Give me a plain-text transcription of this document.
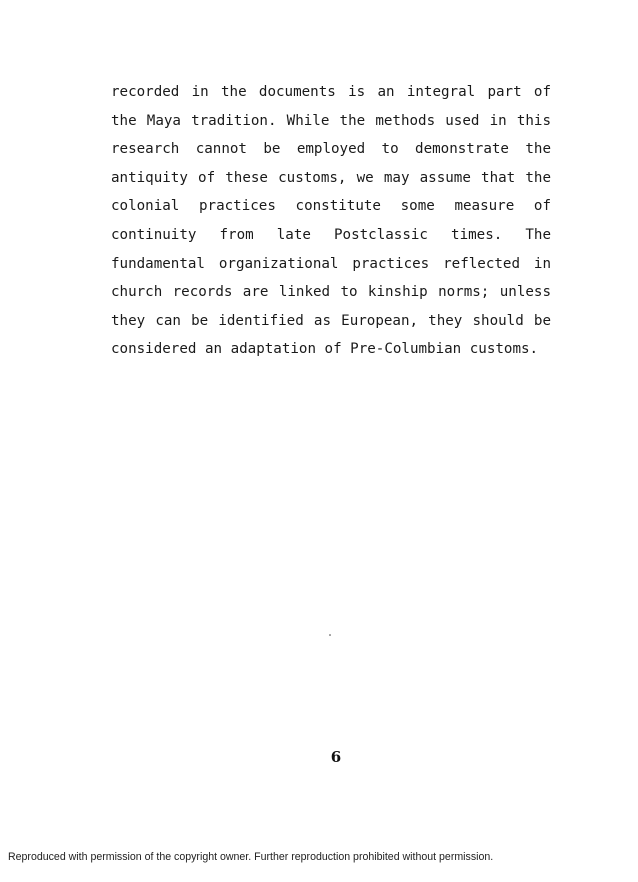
recorded in the documents is an integral part of
the Maya tradition. While the methods used in this
research cannot be employed to demonstrate the
antiquity of these customs, we may assume that the
colonial practices constitute some measure of
continuity from late Postclassic times. The
fundamental organizational practices reflected in
church records are linked to kinship norms; unless
they can be identified as European, they should be
considered an adaptation of Pre-Columbian customs.

6

Reproduced with permission of the copyright owner. Further reproduction prohibited without permission.
